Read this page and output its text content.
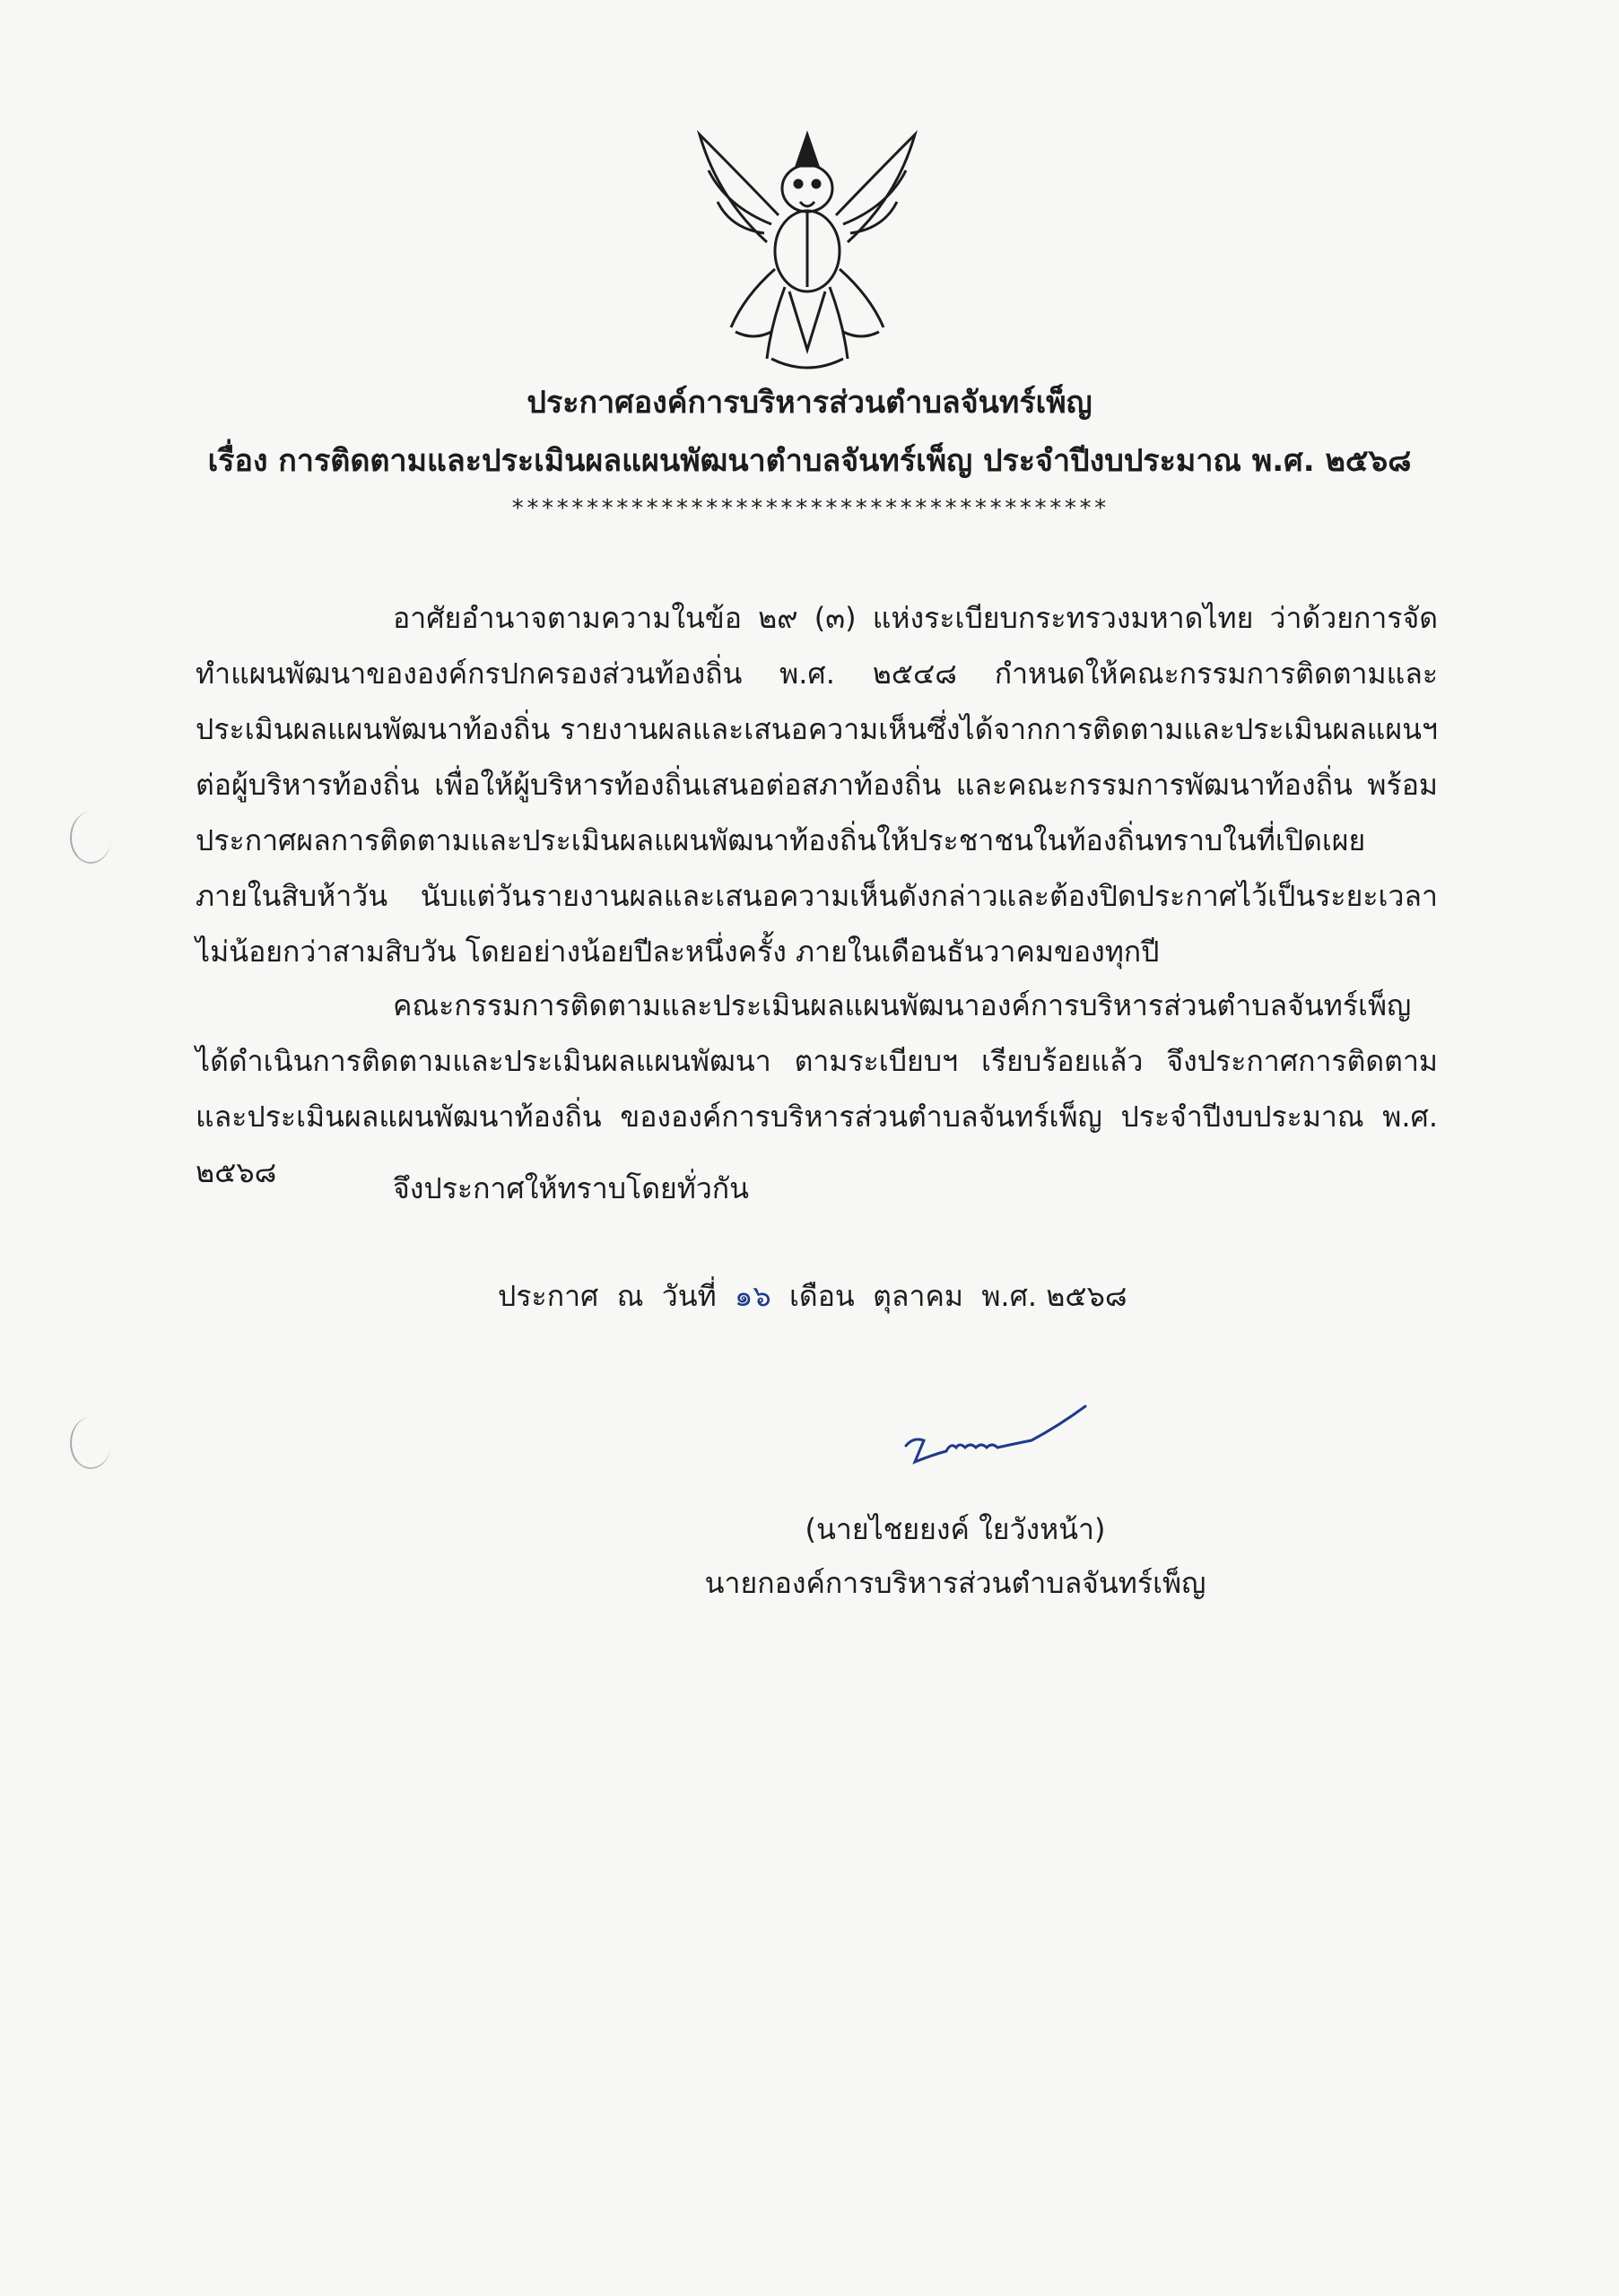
ประกาศองค์การบริหารส่วนตำบลจันทร์เพ็ญ
เรื่อง การติดตามและประเมินผลแผนพัฒนาตำบลจันทร์เพ็ญ ประจำปีงบประมาณ พ.ศ. ๒๕๖๘
****************************************
อาศัยอำนาจตามความในข้อ ๒๙ (๓) แห่งระเบียบกระทรวงมหาดไทย ว่าด้วยการจัดทำแผนพัฒนาขององค์กรปกครองส่วนท้องถิ่น พ.ศ. ๒๕๔๘ กำหนดให้คณะกรรมการติดตามและประเมินผลแผนพัฒนาท้องถิ่น รายงานผลและเสนอความเห็นซึ่งได้จากการติดตามและประเมินผลแผนฯ ต่อผู้บริหารท้องถิ่น เพื่อให้ผู้บริหารท้องถิ่นเสนอต่อสภาท้องถิ่น และคณะกรรมการพัฒนาท้องถิ่น พร้อมประกาศผลการติดตามและประเมินผลแผนพัฒนาท้องถิ่นให้ประชาชนในท้องถิ่นทราบในที่เปิดเผยภายในสิบห้าวัน นับแต่วันรายงานผลและเสนอความเห็นดังกล่าวและต้องปิดประกาศไว้เป็นระยะเวลาไม่น้อยกว่าสามสิบวัน โดยอย่างน้อยปีละหนึ่งครั้ง ภายในเดือนธันวาคมของทุกปี
คณะกรรมการติดตามและประเมินผลแผนพัฒนาองค์การบริหารส่วนตำบลจันทร์เพ็ญได้ดำเนินการติดตามและประเมินผลแผนพัฒนา ตามระเบียบฯ เรียบร้อยแล้ว จึงประกาศการติดตามและประเมินผลแผนพัฒนาท้องถิ่น ขององค์การบริหารส่วนตำบลจันทร์เพ็ญ ประจำปีงบประมาณ พ.ศ. ๒๕๖๘	จึงประกาศให้ทราบโดยทั่วกัน
ประกาศ  ณ  วันที่ ๑๖ เดือน ตุลาคม พ.ศ. ๒๕๖๘
(นายไชยยงค์ ใยวังหน้า)
นายกองค์การบริหารส่วนตำบลจันทร์เพ็ญ
